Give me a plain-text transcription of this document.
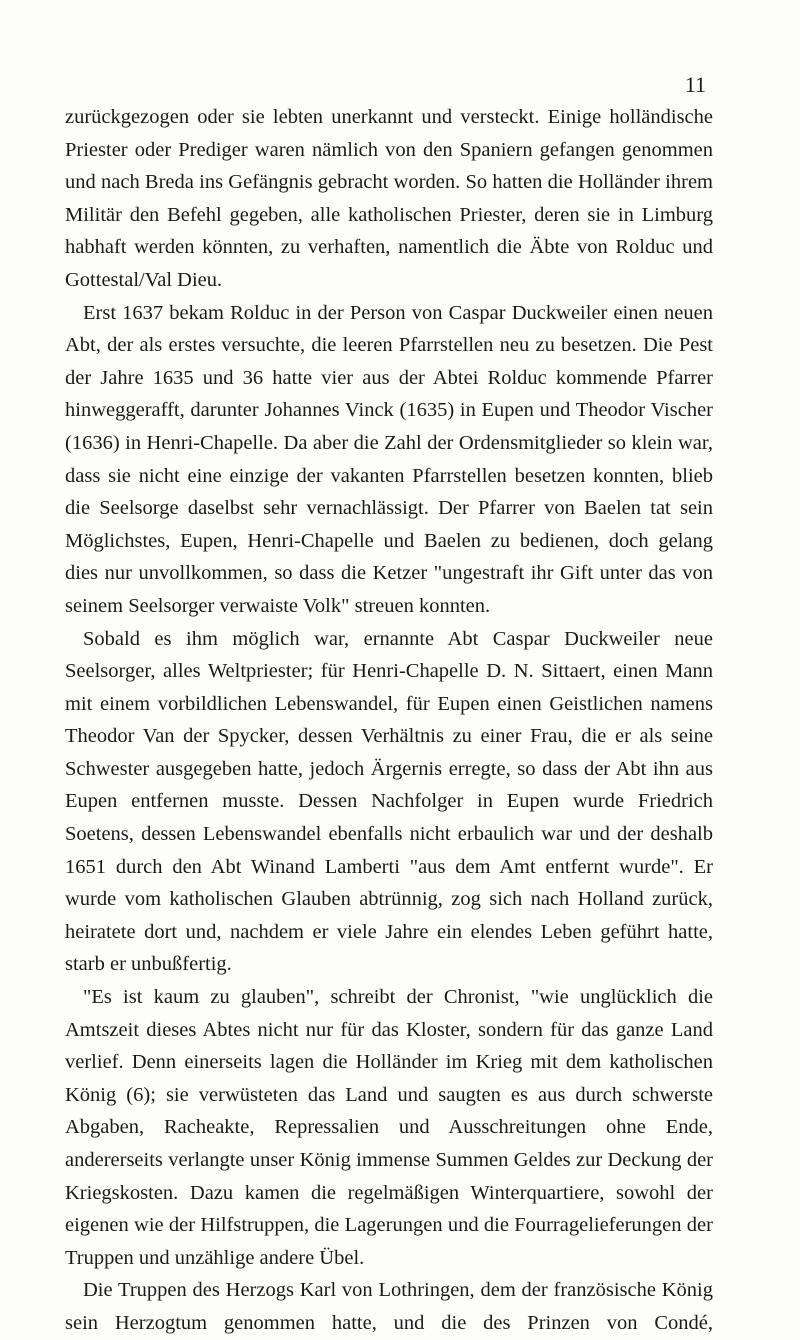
11

zurückgezogen oder sie lebten unerkannt und versteckt. Einige holländische Priester oder Prediger waren nämlich von den Spaniern gefangen genommen und nach Breda ins Gefängnis gebracht worden. So hatten die Holländer ihrem Militär den Befehl gegeben, alle katholischen Priester, deren sie in Limburg habhaft werden könnten, zu verhaften, namentlich die Äbte von Rolduc und Gottestal/Val Dieu.

Erst 1637 bekam Rolduc in der Person von Caspar Duckweiler einen neuen Abt, der als erstes versuchte, die leeren Pfarrstellen neu zu besetzen. Die Pest der Jahre 1635 und 36 hatte vier aus der Abtei Rolduc kommende Pfarrer hinweggerafft, darunter Johannes Vinck (1635) in Eupen und Theodor Vischer (1636) in Henri-Chapelle. Da aber die Zahl der Ordensmitglieder so klein war, dass sie nicht eine einzige der vakanten Pfarrstellen besetzen konnten, blieb die Seelsorge daselbst sehr vernachlässigt. Der Pfarrer von Baelen tat sein Möglichstes, Eupen, Henri-Chapelle und Baelen zu bedienen, doch gelang dies nur unvollkommen, so dass die Ketzer "ungestraft ihr Gift unter das von seinem Seelsorger verwaiste Volk" streuen konnten.

Sobald es ihm möglich war, ernannte Abt Caspar Duckweiler neue Seelsorger, alles Weltpriester; für Henri-Chapelle D. N. Sittaert, einen Mann mit einem vorbildlichen Lebenswandel, für Eupen einen Geistlichen namens Theodor Van der Spycker, dessen Verhältnis zu einer Frau, die er als seine Schwester ausgegeben hatte, jedoch Ärgernis erregte, so dass der Abt ihn aus Eupen entfernen musste. Dessen Nachfolger in Eupen wurde Friedrich Soetens, dessen Lebenswandel ebenfalls nicht erbaulich war und der deshalb 1651 durch den Abt Winand Lamberti "aus dem Amt entfernt wurde". Er wurde vom katholischen Glauben abtrünnig, zog sich nach Holland zurück, heiratete dort und, nachdem er viele Jahre ein elendes Leben geführt hatte, starb er unbußfertig.

"Es ist kaum zu glauben", schreibt der Chronist, "wie unglücklich die Amtszeit dieses Abtes nicht nur für das Kloster, sondern für das ganze Land verlief. Denn einerseits lagen die Holländer im Krieg mit dem katholischen König (6); sie verwüsteten das Land und saugten es aus durch schwerste Abgaben, Racheakte, Repressalien und Ausschreitungen ohne Ende, andererseits verlangte unser König immense Summen Geldes zur Deckung der Kriegskosten. Dazu kamen die regelmäßigen Winterquartiere, sowohl der eigenen wie der Hilfstruppen, die Lagerungen und die Fourragelieferungen der Truppen und unzählige andere Übel.

Die Truppen des Herzogs Karl von Lothringen, dem der französische König sein Herzogtum genommen hatte, und die des Prinzen von Condé,
